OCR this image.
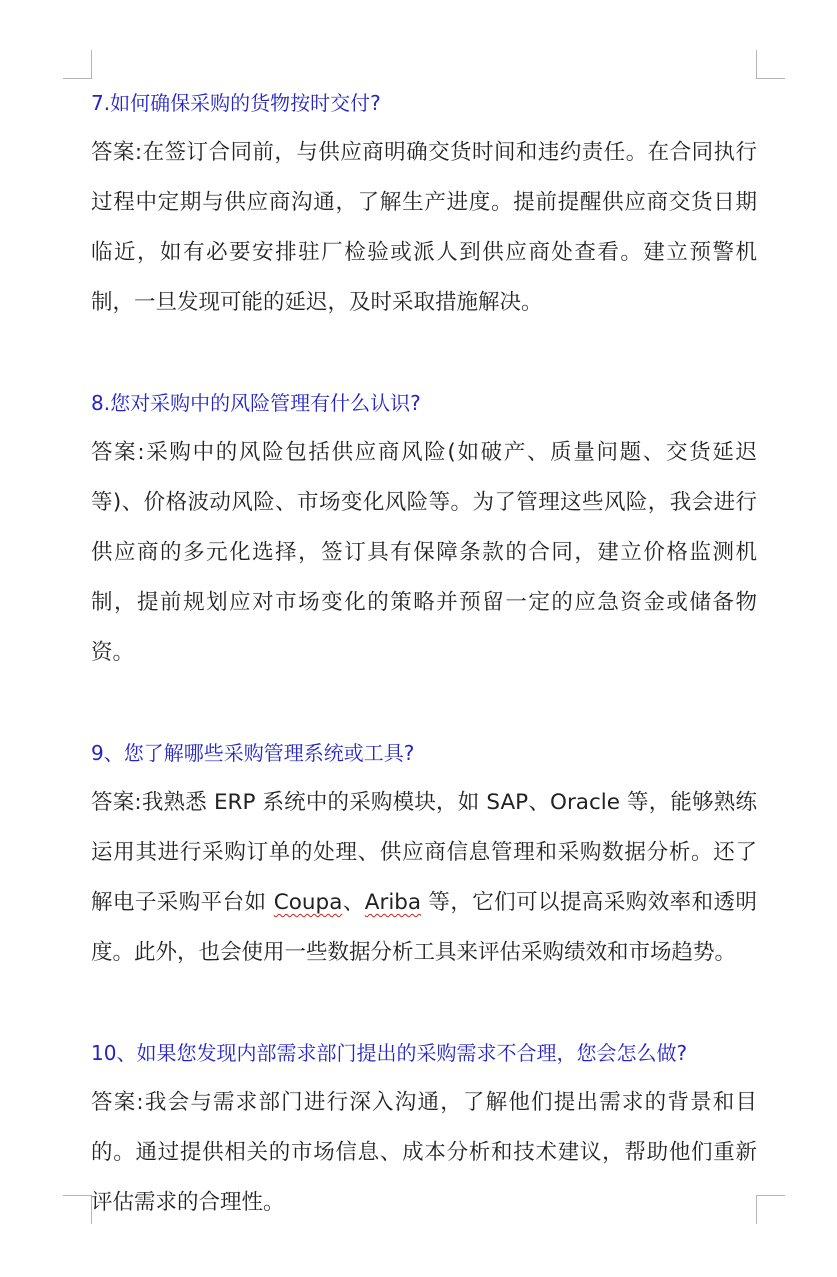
7.如何确保采购的货物按时交付?

答案:在签订合同前，与供应商明确交货时间和违约责任。在合同执行过程中定期与供应商沟通，了解生产进度。提前提醒供应商交货日期临近，如有必要安排驻厂检验或派人到供应商处查看。建立预警机制，一旦发现可能的延迟，及时采取措施解决。

8.您对采购中的风险管理有什么认识?

答案:采购中的风险包括供应商风险(如破产、质量问题、交货延迟等)、价格波动风险、市场变化风险等。为了管理这些风险，我会进行供应商的多元化选择，签订具有保障条款的合同，建立价格监测机制，提前规划应对市场变化的策略并预留一定的应急资金或储备物资。

9、您了解哪些采购管理系统或工具?

答案:我熟悉 ERP 系统中的采购模块，如 SAP、Oracle 等，能够熟练运用其进行采购订单的处理、供应商信息管理和采购数据分析。还了解电子采购平台如 Coupa、Ariba 等，它们可以提高采购效率和透明度。此外，也会使用一些数据分析工具来评估采购绩效和市场趋势。

10、如果您发现内部需求部门提出的采购需求不合理，您会怎么做?

答案:我会与需求部门进行深入沟通，了解他们提出需求的背景和目的。通过提供相关的市场信息、成本分析和技术建议，帮助他们重新评估需求的合理性。
